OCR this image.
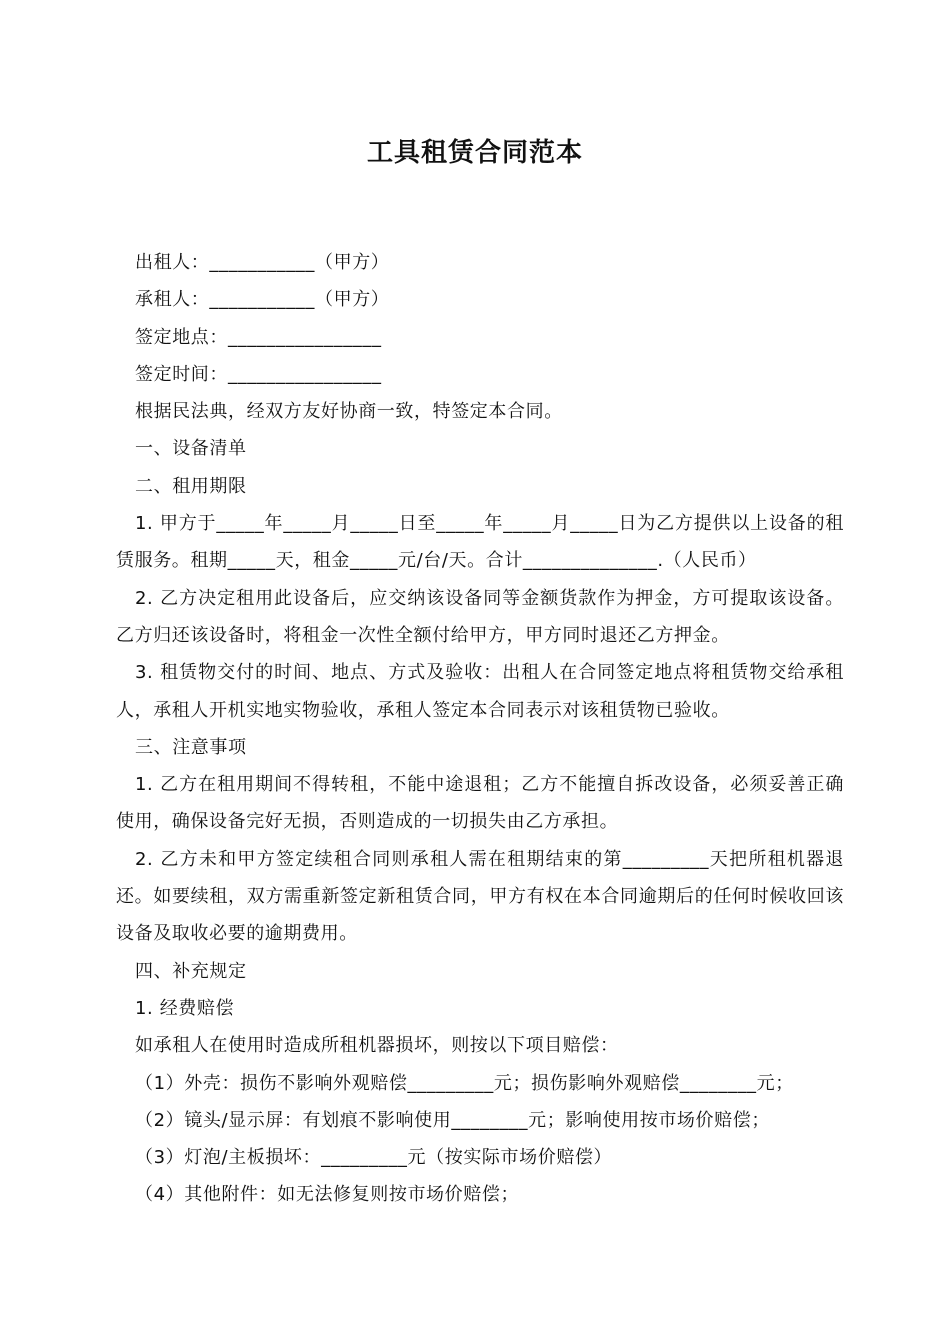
工具租赁合同范本

出租人：___________（甲方）

承租人：___________（甲方）

签定地点：________________

签定时间：________________

根据民法典，经双方友好协商一致，特签定本合同。

一、设备清单

二、租用期限

1. 甲方于_____年_____月_____日至_____年_____月_____日为乙方提供以上设备的租赁服务。租期_____天，租金_____元/台/天。合计______________.（人民币）

2. 乙方决定租用此设备后，应交纳该设备同等金额货款作为押金，方可提取该设备。乙方归还该设备时，将租金一次性全额付给甲方，甲方同时退还乙方押金。

3. 租赁物交付的时间、地点、方式及验收：出租人在合同签定地点将租赁物交给承租人，承租人开机实地实物验收，承租人签定本合同表示对该租赁物已验收。

三、注意事项

1. 乙方在租用期间不得转租，不能中途退租；乙方不能擅自拆改设备，必须妥善正确使用，确保设备完好无损，否则造成的一切损失由乙方承担。

2. 乙方未和甲方签定续租合同则承租人需在租期结束的第_________天把所租机器退还。如要续租，双方需重新签定新租赁合同，甲方有权在本合同逾期后的任何时候收回该设备及取收必要的逾期费用。

四、补充规定

1. 经费赔偿

如承租人在使用时造成所租机器损坏，则按以下项目赔偿：

（1）外壳：损伤不影响外观赔偿_________元；损伤影响外观赔偿________元；

（2）镜头/显示屏：有划痕不影响使用________元；影响使用按市场价赔偿；

（3）灯泡/主板损坏：_________元（按实际市场价赔偿）

（4）其他附件：如无法修复则按市场价赔偿；
